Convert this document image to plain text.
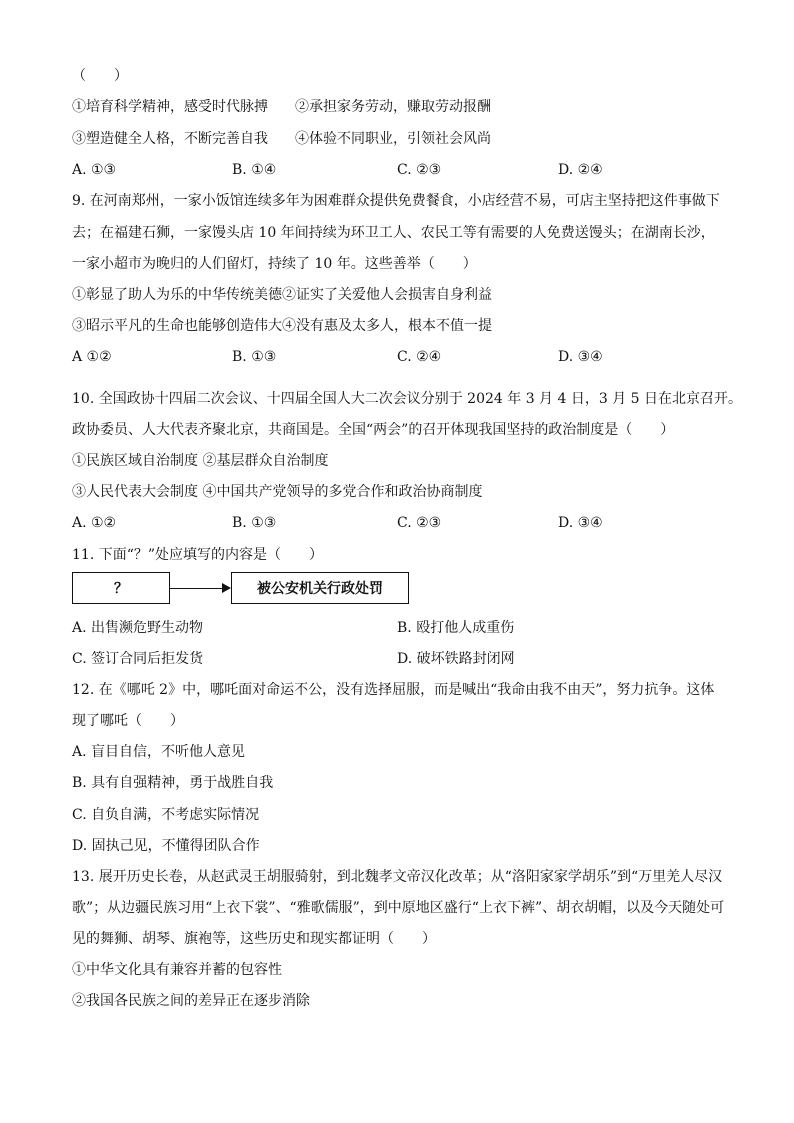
（　　）
①培育科学精神，感受时代脉搏 ②承担家务劳动，赚取劳动报酬
③塑造健全人格，不断完善自我 ④体验不同职业，引领社会风尚
A. ①③	B. ①④	C. ②③	D. ②④
9. 在河南郑州，一家小饭馆连续多年为困难群众提供免费餐食，小店经营不易，可店主坚持把这件事做下
去；在福建石狮，一家馒头店 10 年间持续为环卫工人、农民工等有需要的人免费送馒头；在湖南长沙，
一家小超市为晚归的人们留灯，持续了 10 年。这些善举（　　）
①彰显了助人为乐的中华传统美德②证实了关爱他人会损害自身利益
③昭示平凡的生命也能够创造伟大④没有惠及太多人，根本不值一提
A ①②	B. ①③	C. ②④	D. ③④
10. 全国政协十四届二次会议、十四届全国人大二次会议分别于 2024 年 3 月 4 日，3 月 5 日在北京召开。
政协委员、人大代表齐聚北京，共商国是。全国“两会”的召开体现我国坚持的政治制度是（　　）
①民族区域自治制度 ②基层群众自治制度
③人民代表大会制度 ④中国共产党领导的多党合作和政治协商制度
A. ①②	B. ①③	C. ②③	D. ③④
11. 下面“？”处应填写的内容是（　　）
？	被公安机关行政处罚
A. 出售濒危野生动物	B. 殴打他人成重伤
C. 签订合同后拒发货	D. 破坏铁路封闭网
12. 在《哪吒 2》中，哪吒面对命运不公，没有选择屈服，而是喊出“我命由我不由天”，努力抗争。这体
现了哪吒（　　）
A. 盲目自信，不听他人意见
B. 具有自强精神，勇于战胜自我
C. 自负自满，不考虑实际情况
D. 固执己见，不懂得团队合作
13. 展开历史长卷，从赵武灵王胡服骑射，到北魏孝文帝汉化改革；从“洛阳家家学胡乐”到“万里羌人尽汉
歌”；从边疆民族习用“上衣下裳”、“雅歌儒服”，到中原地区盛行“上衣下裤”、胡衣胡帽，以及今天随处可
见的舞狮、胡琴、旗袍等，这些历史和现实都证明（　　）
①中华文化具有兼容并蓄的包容性
②我国各民族之间的差异正在逐步消除
